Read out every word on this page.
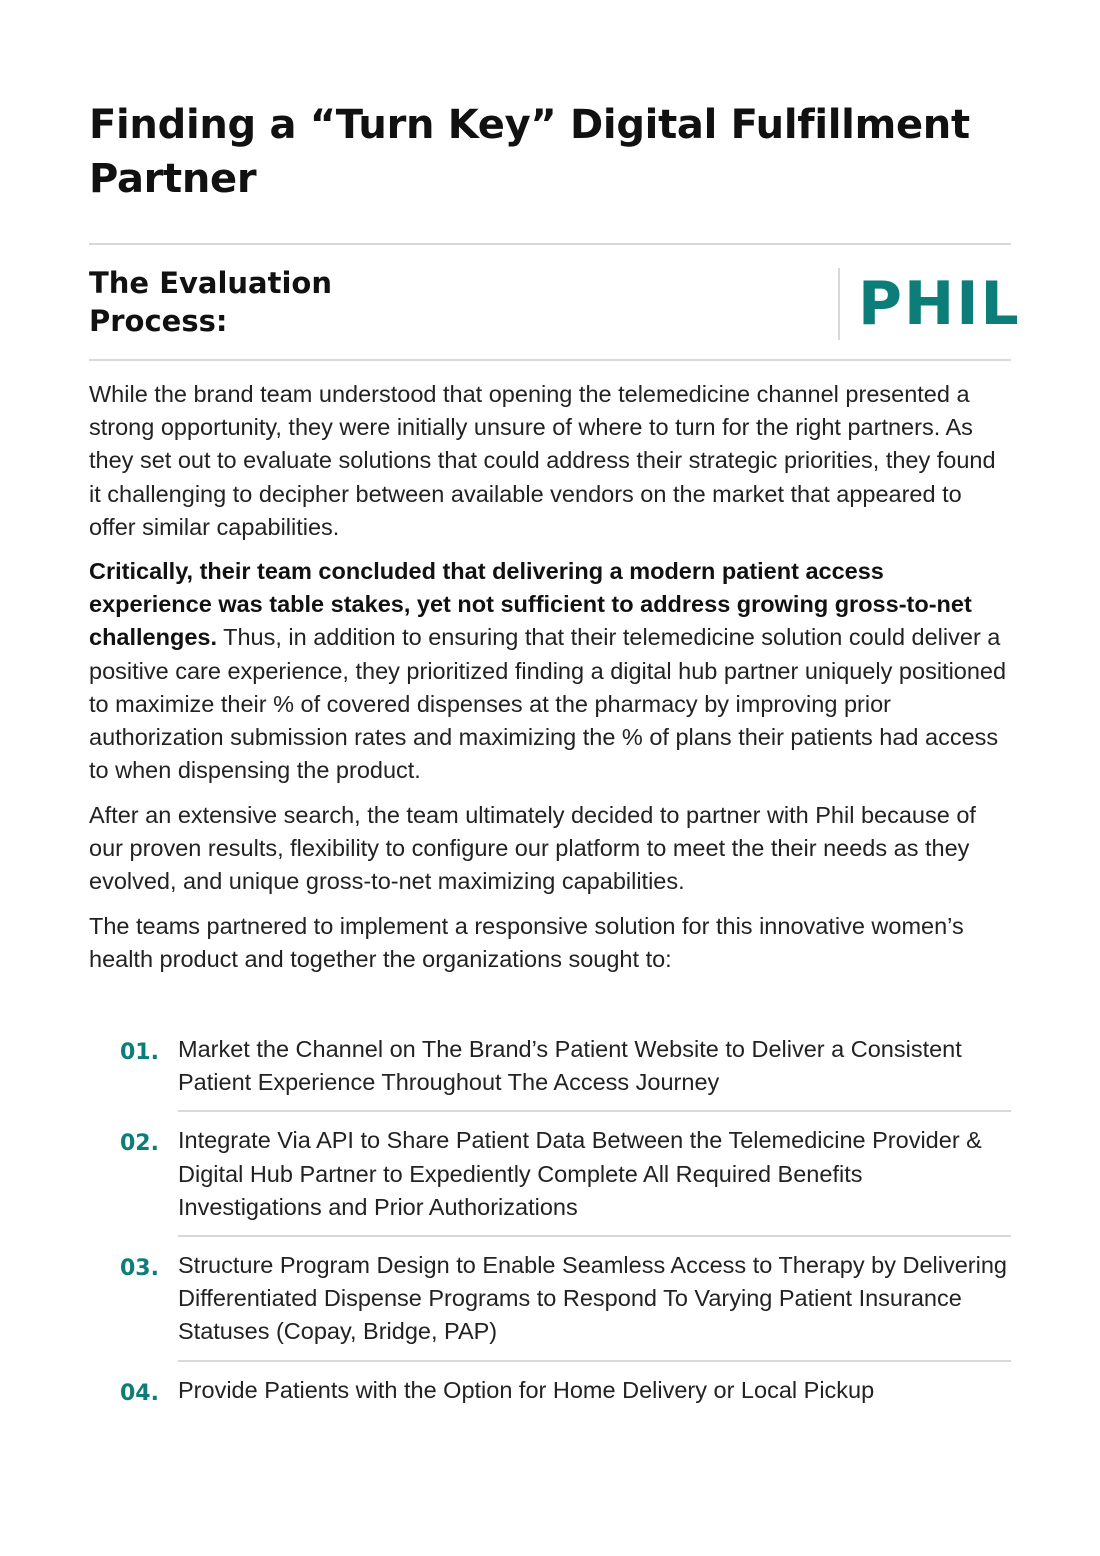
Finding a “Turn Key” Digital Fulfillment Partner
The Evaluation
Process:	PHIL

While the brand team understood that opening the telemedicine channel presented a strong opportunity, they were initially unsure of where to turn for the right partners. As they set out to evaluate solutions that could address their strategic priorities, they found it challenging to decipher between available vendors on the market that appeared to offer similar capabilities.

Critically, their team concluded that delivering a modern patient access experience was table stakes, yet not sufficient to address growing gross-to-net challenges. Thus, in addition to ensuring that their telemedicine solution could deliver a positive care experience, they prioritized finding a digital hub partner uniquely positioned to maximize their % of covered dispenses at the pharmacy by improving prior authorization submission rates and maximizing the % of plans their patients had access to when dispensing the product.

After an extensive search, the team ultimately decided to partner with Phil because of our proven results, flexibility to configure our platform to meet the their needs as they evolved, and unique gross-to-net maximizing capabilities.

The teams partnered to implement a responsive solution for this innovative women’s health product and together the organizations sought to:

01. Market the Channel on The Brand’s Patient Website to Deliver a Consistent Patient Experience Throughout The Access Journey
02. Integrate Via API to Share Patient Data Between the Telemedicine Provider & Digital Hub Partner to Expediently Complete All Required Benefits Investigations and Prior Authorizations
03. Structure Program Design to Enable Seamless Access to Therapy by Delivering Differentiated Dispense Programs to Respond To Varying Patient Insurance Statuses (Copay, Bridge, PAP)
04. Provide Patients with the Option for Home Delivery or Local Pickup
